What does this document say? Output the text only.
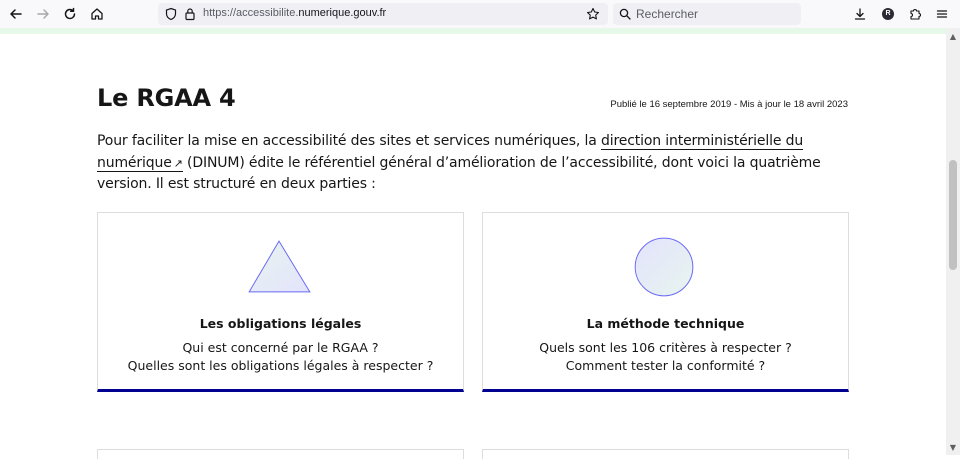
https://accessibilite.numerique.gouv.fr	Rechercher	R
▲
▼
Le RGAA 4	Publié le 16 septembre 2019 - Mis à jour le 18 avril 2023

Pour faciliter la mise en accessibilité des sites et services numériques, la direction interministérielle du numérique ↗ (DINUM) édite le référentiel général d’amélioration de l’accessibilité, dont voici la quatrième version. Il est structuré en deux parties :

Les obligations légales
Qui est concerné par le RGAA ?
Quelles sont les obligations légales à respecter ?
La méthode technique
Quels sont les 106 critères à respecter ?
Comment tester la conformité ?
